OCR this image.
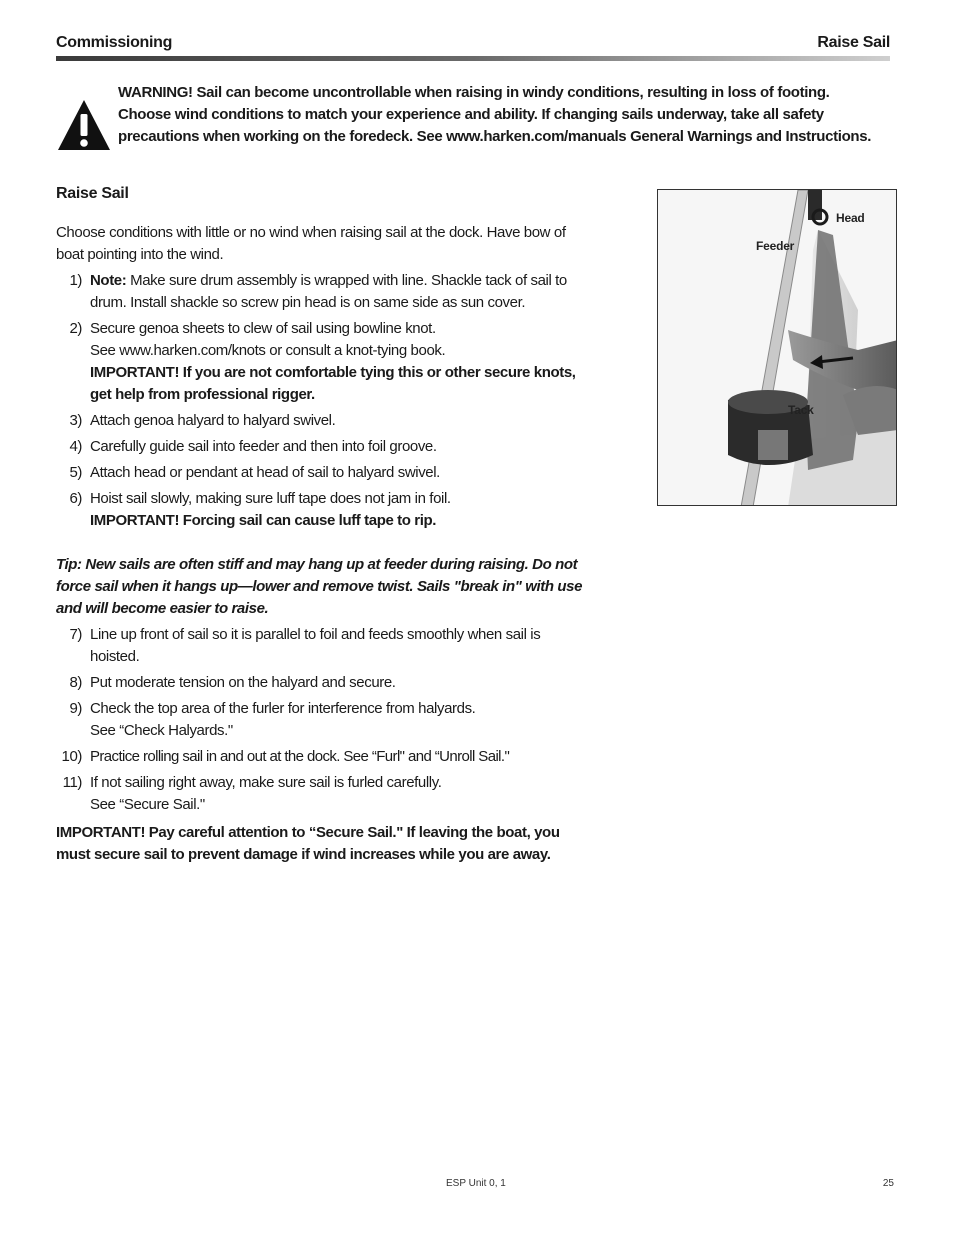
Commissioning	Raise Sail
WARNING! Sail can become uncontrollable when raising in windy conditions, resulting in loss of footing. Choose wind conditions to match your experience and ability. If changing sails underway, take all safety precautions when working on the foredeck. See www.harken.com/manuals General Warnings and Instructions.
Raise Sail

Choose conditions with little or no wind when raising sail at the dock. Have bow of boat pointing into the wind.

1) Note: Make sure drum assembly is wrapped with line. Shackle tack of sail to drum. Install shackle so screw pin head is on same side as sun cover.
2) Secure genoa sheets to clew of sail using bowline knot.
See www.harken.com/knots or consult a knot-tying book.
IMPORTANT! If you are not comfortable tying this or other secure knots, get help from professional rigger.
3) Attach genoa halyard to halyard swivel.
4) Carefully guide sail into feeder and then into foil groove.
5) Attach head or pendant at head of sail to halyard swivel.
6) Hoist sail slowly, making sure luff tape does not jam in foil.
IMPORTANT! Forcing sail can cause luff tape to rip.

Tip: New sails are often stiff and may hang up at feeder during raising. Do not force sail when it hangs up—lower and remove twist. Sails "break in" with use and will become easier to raise.

7) Line up front of sail so it is parallel to foil and feeds smoothly when sail is hoisted.
8) Put moderate tension on the halyard and secure.
9) Check the top area of the furler for interference from halyards.
See “Check Halyards."
10) Practice rolling sail in and out at the dock. See “Furl" and “Unroll Sail."
11) If not sailing right away, make sure sail is furled carefully.
See “Secure Sail."

IMPORTANT! Pay careful attention to “Secure Sail." If leaving the boat, you must secure sail to prevent damage if wind increases while you are away.

Head
Feeder
Tack
ESP Unit 0, 1	25
